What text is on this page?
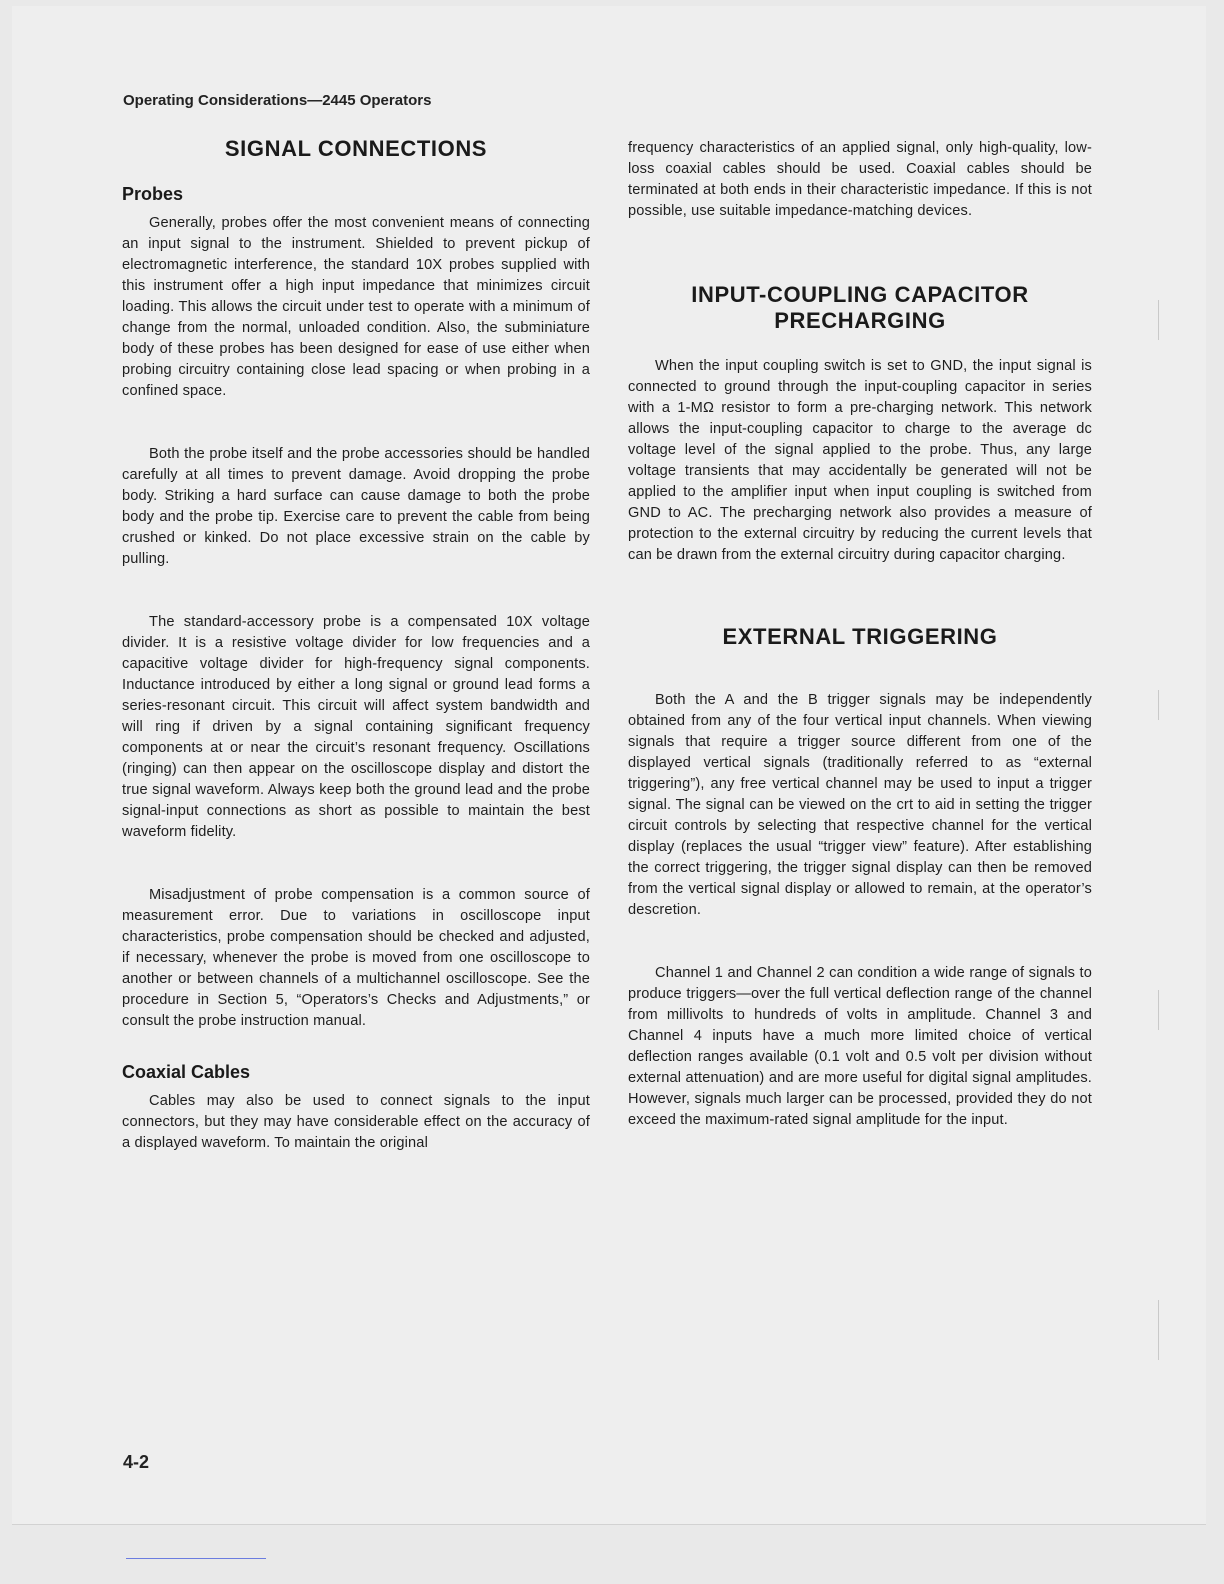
Operating Considerations—2445 Operators
SIGNAL CONNECTIONS
Probes

Generally, probes offer the most convenient means of connecting an input signal to the instrument. Shielded to prevent pickup of electromagnetic interference, the standard 10X probes supplied with this instrument offer a high input impedance that minimizes circuit loading. This allows the circuit under test to operate with a minimum of change from the normal, unloaded condition. Also, the subminiature body of these probes has been designed for ease of use either when probing circuitry containing close lead spacing or when probing in a confined space.

Both the probe itself and the probe accessories should be handled carefully at all times to prevent damage. Avoid dropping the probe body. Striking a hard surface can cause damage to both the probe body and the probe tip. Exercise care to prevent the cable from being crushed or kinked. Do not place excessive strain on the cable by pulling.

The standard-accessory probe is a compensated 10X voltage divider. It is a resistive voltage divider for low frequencies and a capacitive voltage divider for high-frequency signal components. Inductance introduced by either a long signal or ground lead forms a series-resonant circuit. This circuit will affect system bandwidth and will ring if driven by a signal containing significant frequency components at or near the circuit’s resonant frequency. Oscillations (ringing) can then appear on the oscilloscope display and distort the true signal waveform. Always keep both the ground lead and the probe signal-input connections as short as possible to maintain the best waveform fidelity.

Misadjustment of probe compensation is a common source of measurement error. Due to variations in oscilloscope input characteristics, probe compensation should be checked and adjusted, if necessary, whenever the probe is moved from one oscilloscope to another or between channels of a multichannel oscilloscope. See the procedure in Section 5, “Operators’s Checks and Adjustments,” or consult the probe instruction manual.

Coaxial Cables

Cables may also be used to connect signals to the input connectors, but they may have considerable effect on the accuracy of a displayed waveform. To maintain the original

frequency characteristics of an applied signal, only high-quality, low-loss coaxial cables should be used. Coaxial cables should be terminated at both ends in their characteristic impedance. If this is not possible, use suitable impedance-matching devices.

INPUT-COUPLING CAPACITOR
PRECHARGING

When the input coupling switch is set to GND, the input signal is connected to ground through the input-coupling capacitor in series with a 1-MΩ resistor to form a pre-charging network. This network allows the input-coupling capacitor to charge to the average dc voltage level of the signal applied to the probe. Thus, any large voltage transients that may accidentally be generated will not be applied to the amplifier input when input coupling is switched from GND to AC. The precharging network also provides a measure of protection to the external circuitry by reducing the current levels that can be drawn from the external circuitry during capacitor charging.

EXTERNAL TRIGGERING

Both the A and the B trigger signals may be independently obtained from any of the four vertical input channels. When viewing signals that require a trigger source different from one of the displayed vertical signals (traditionally referred to as “external triggering”), any free vertical channel may be used to input a trigger signal. The signal can be viewed on the crt to aid in setting the trigger circuit controls by selecting that respective channel for the vertical display (replaces the usual “trigger view” feature). After establishing the correct triggering, the trigger signal display can then be removed from the vertical signal display or allowed to remain, at the operator’s descretion.

Channel 1 and Channel 2 can condition a wide range of signals to produce triggers—over the full vertical deflection range of the channel from millivolts to hundreds of volts in amplitude. Channel 3 and Channel 4 inputs have a much more limited choice of vertical deflection ranges available (0.1 volt and 0.5 volt per division without external attenuation) and are more useful for digital signal amplitudes. However, signals much larger can be processed, provided they do not exceed the maximum-rated signal amplitude for the input.

4-2
